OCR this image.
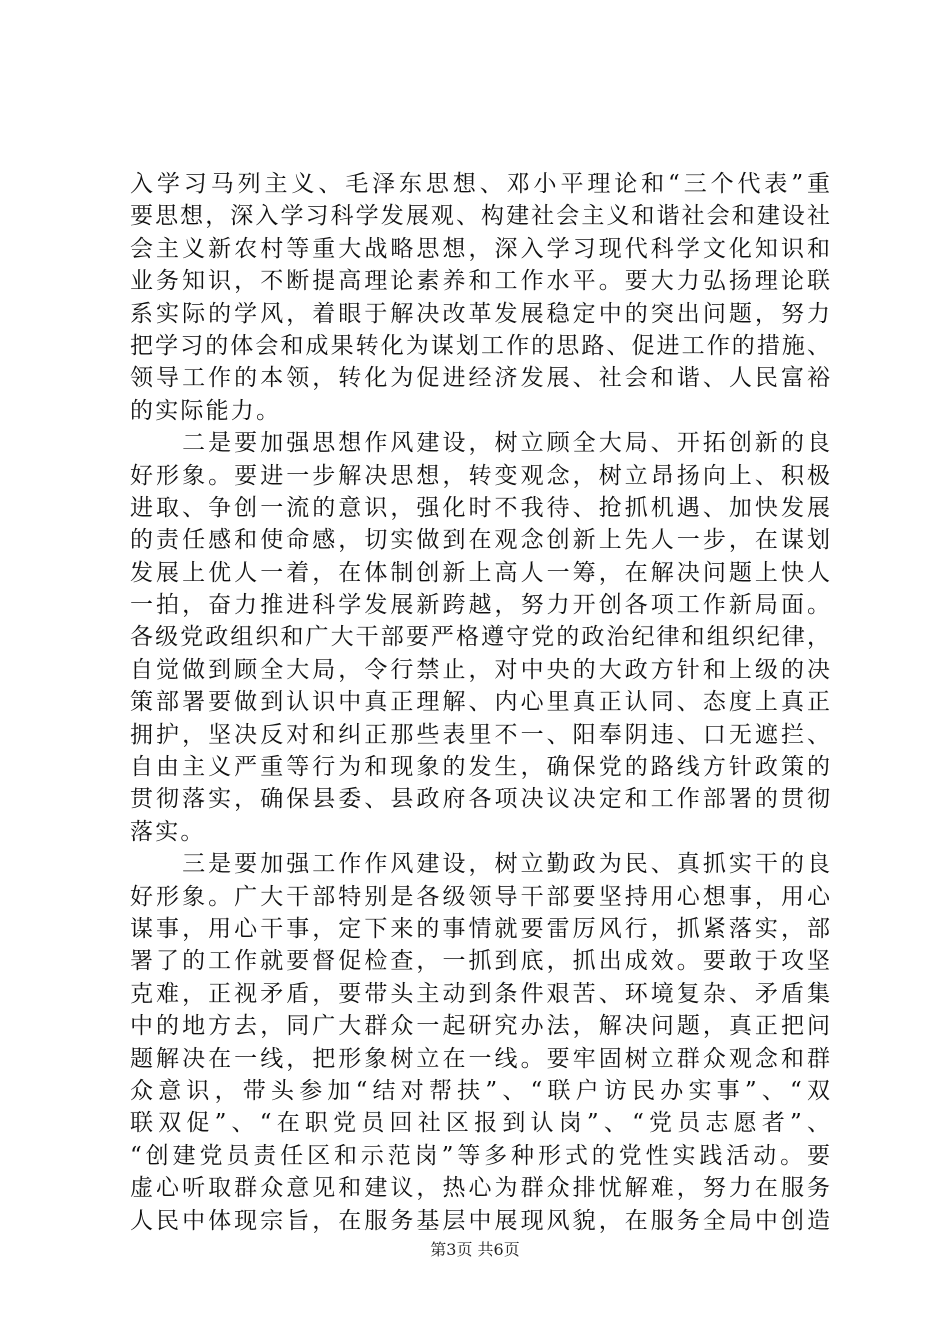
入学习马列主义、毛泽东思想、邓小平理论和“三个代表”重
要思想，深入学习科学发展观、构建社会主义和谐社会和建设社
会主义新农村等重大战略思想，深入学习现代科学文化知识和
业务知识，不断提高理论素养和工作水平。要大力弘扬理论联
系实际的学风，着眼于解决改革发展稳定中的突出问题，努力
把学习的体会和成果转化为谋划工作的思路、促进工作的措施、
领导工作的本领，转化为促进经济发展、社会和谐、人民富裕
的实际能力。
　　二是要加强思想作风建设，树立顾全大局、开拓创新的良
好形象。要进一步解决思想，转变观念，树立昂扬向上、积极
进取、争创一流的意识，强化时不我待、抢抓机遇、加快发展
的责任感和使命感，切实做到在观念创新上先人一步，在谋划
发展上优人一着，在体制创新上高人一筹，在解决问题上快人
一拍，奋力推进科学发展新跨越，努力开创各项工作新局面。
各级党政组织和广大干部要严格遵守党的政治纪律和组织纪律，
自觉做到顾全大局，令行禁止，对中央的大政方针和上级的决
策部署要做到认识中真正理解、内心里真正认同、态度上真正
拥护，坚决反对和纠正那些表里不一、阳奉阴违、口无遮拦、
自由主义严重等行为和现象的发生，确保党的路线方针政策的
贯彻落实，确保县委、县政府各项决议决定和工作部署的贯彻
落实。
　　三是要加强工作作风建设，树立勤政为民、真抓实干的良
好形象。广大干部特别是各级领导干部要坚持用心想事，用心
谋事，用心干事，定下来的事情就要雷厉风行，抓紧落实，部
署了的工作就要督促检查，一抓到底，抓出成效。要敢于攻坚
克难，正视矛盾，要带头主动到条件艰苦、环境复杂、矛盾集
中的地方去，同广大群众一起研究办法，解决问题，真正把问
题解决在一线，把形象树立在一线。要牢固树立群众观念和群
众意识，带头参加“结对帮扶”、“联户访民办实事”、“双
联双促”、“在职党员回社区报到认岗”、“党员志愿者”、
“创建党员责任区和示范岗”等多种形式的党性实践活动。要
虚心听取群众意见和建议，热心为群众排忧解难，努力在服务
人民中体现宗旨，在服务基层中展现风貌，在服务全局中创造
第3页 共6页
